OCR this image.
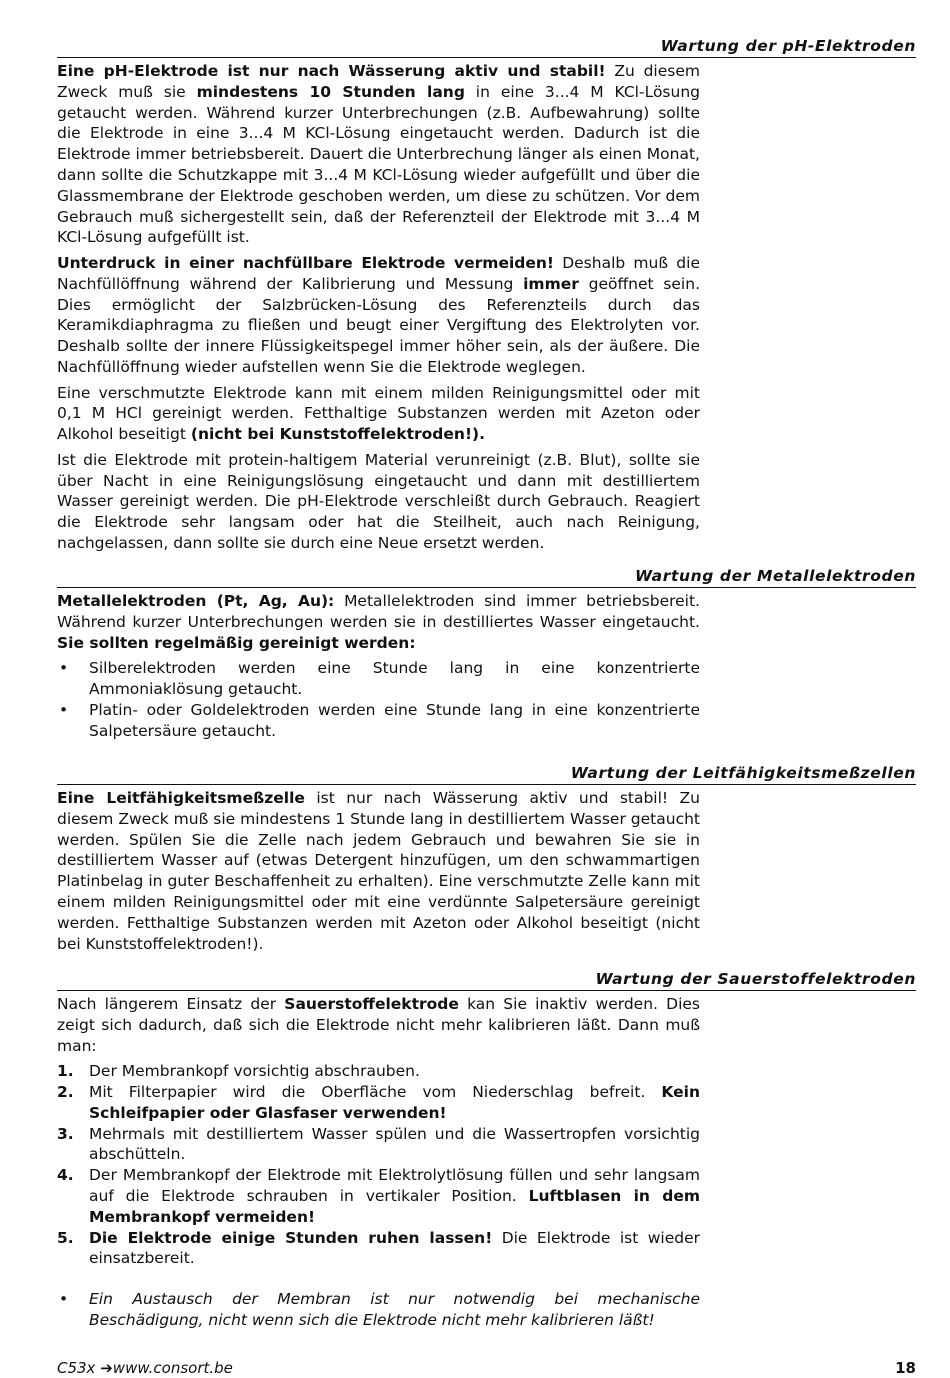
Wartung der pH-Elektroden

Eine pH-Elektrode ist nur nach Wässerung aktiv und stabil! Zu diesem Zweck muß sie mindestens 10 Stunden lang in eine 3...4 M KCl-Lösung getaucht werden. Während kurzer Unterbrechungen (z.B. Aufbewahrung) sollte die Elektrode in eine 3...4 M KCl-Lösung eingetaucht werden. Dadurch ist die Elektrode immer betriebsbereit. Dauert die Unterbrechung länger als einen Monat, dann sollte die Schutzkappe mit 3...4 M KCl-Lösung wieder aufgefüllt und über die Glassmembrane der Elektrode geschoben werden, um diese zu schützen. Vor dem Gebrauch muß sichergestellt sein, daß der Referenzteil der Elektrode mit 3...4 M KCl-Lösung aufgefüllt ist.

Unterdruck in einer nachfüllbare Elektrode vermeiden! Deshalb muß die Nachfüllöffnung während der Kalibrierung und Messung immer geöffnet sein. Dies ermöglicht der Salzbrücken-Lösung des Referenzteils durch das Keramikdiaphragma zu fließen und beugt einer Vergiftung des Elektrolyten vor. Deshalb sollte der innere Flüssigkeitspegel immer höher sein, als der äußere. Die Nachfüllöffnung wieder aufstellen wenn Sie die Elektrode weglegen.

Eine verschmutzte Elektrode kann mit einem milden Reinigungsmittel oder mit 0,1 M HCl gereinigt werden. Fetthaltige Substanzen werden mit Azeton oder Alkohol beseitigt (nicht bei Kunststoffelektroden!).

Ist die Elektrode mit protein-haltigem Material verunreinigt (z.B. Blut), sollte sie über Nacht in eine Reinigungslösung eingetaucht und dann mit destilliertem Wasser gereinigt werden. Die pH-Elektrode verschleißt durch Gebrauch. Reagiert die Elektrode sehr langsam oder hat die Steilheit, auch nach Reinigung, nachgelassen, dann sollte sie durch eine Neue ersetzt werden.

Wartung der Metallelektroden

Metallelektroden (Pt, Ag, Au): Metallelektroden sind immer betriebsbereit. Während kurzer Unterbrechungen werden sie in destilliertes Wasser eingetaucht. Sie sollten regelmäßig gereinigt werden:

• Silberelektroden werden eine Stunde lang in eine konzentrierte Ammoniaklösung getaucht.
• Platin- oder Goldelektroden werden eine Stunde lang in eine konzentrierte Salpetersäure getaucht.
Wartung der Leitfähigkeitsmeßzellen

Eine Leitfähigkeitsmeßzelle ist nur nach Wässerung aktiv und stabil! Zu diesem Zweck muß sie mindestens 1 Stunde lang in destilliertem Wasser getaucht werden. Spülen Sie die Zelle nach jedem Gebrauch und bewahren Sie sie in destilliertem Wasser auf (etwas Detergent hinzufügen, um den schwammartigen Platinbelag in guter Beschaffenheit zu erhalten). Eine verschmutzte Zelle kann mit einem milden Reinigungsmittel oder mit eine verdünnte Salpetersäure gereinigt werden. Fetthaltige Substanzen werden mit Azeton oder Alkohol beseitigt (nicht bei Kunststoffelektroden!).

Wartung der Sauerstoffelektroden

Nach längerem Einsatz der Sauerstoffelektrode kan Sie inaktiv werden. Dies zeigt sich dadurch, daß sich die Elektrode nicht mehr kalibrieren läßt. Dann muß man:

1. Der Membrankopf vorsichtig abschrauben.
2. Mit Filterpapier wird die Oberfläche vom Niederschlag befreit. Kein Schleifpapier oder Glasfaser verwenden!
3. Mehrmals mit destilliertem Wasser spülen und die Wassertropfen vorsichtig abschütteln.
4. Der Membrankopf der Elektrode mit Elektrolytlösung füllen und sehr langsam auf die Elektrode schrauben in vertikaler Position. Luftblasen in dem Membrankopf vermeiden!
5. Die Elektrode einige Stunden ruhen lassen! Die Elektrode ist wieder einsatzbereit.
• Ein Austausch der Membran ist nur notwendig bei mechanische Beschädigung, nicht wenn sich die Elektrode nicht mehr kalibrieren läßt!
C53x ➔www.consort.be	18
